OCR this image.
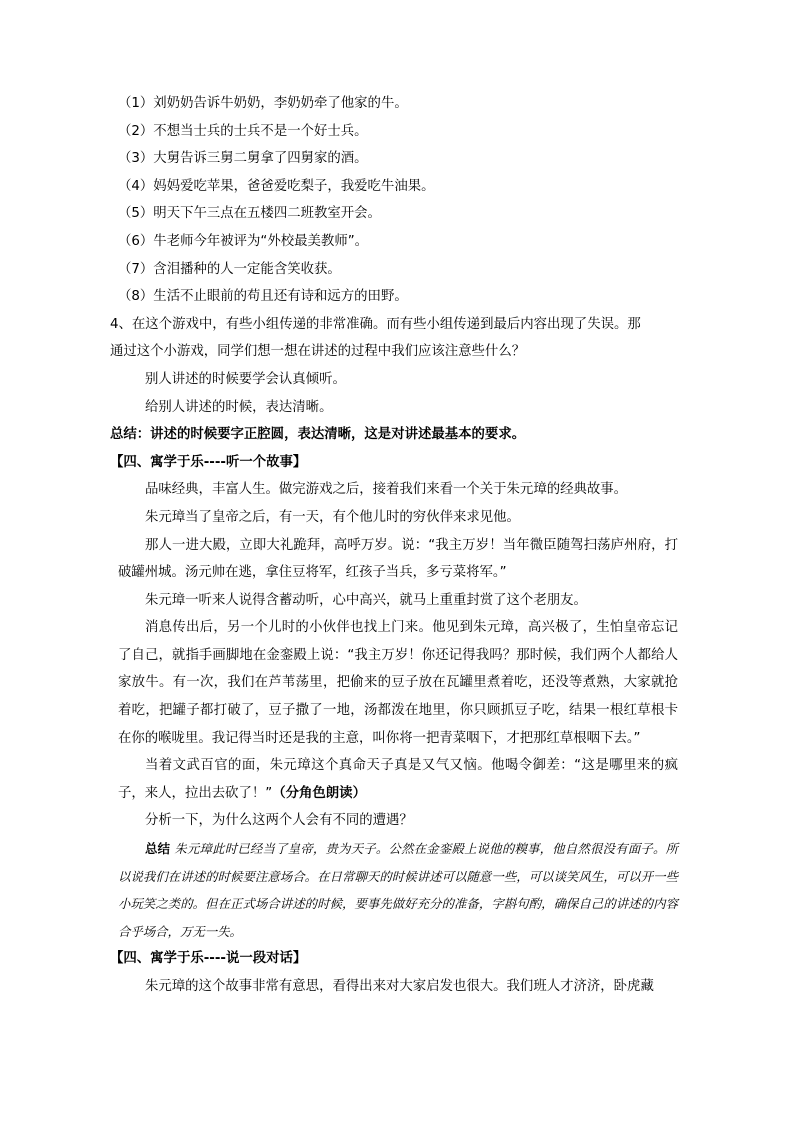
（1）刘奶奶告诉牛奶奶，李奶奶牵了他家的牛。

（2）不想当士兵的士兵不是一个好士兵。

（3）大舅告诉三舅二舅拿了四舅家的酒。

（4）妈妈爱吃苹果，爸爸爱吃梨子，我爱吃牛油果。

（5）明天下午三点在五楼四二班教室开会。

（6）牛老师今年被评为“外校最美教师”。

（7）含泪播种的人一定能含笑收获。

（8）生活不止眼前的苟且还有诗和远方的田野。

4、在这个游戏中，有些小组传递的非常准确。而有些小组传递到最后内容出现了失误。那

通过这个小游戏，同学们想一想在讲述的过程中我们应该注意些什么？

别人讲述的时候要学会认真倾听。

给别人讲述的时候，表达清晰。

总结：讲述的时候要字正腔圆，表达清晰，这是对讲述最基本的要求。

【四、寓学于乐----听一个故事】

品味经典，丰富人生。做完游戏之后，接着我们来看一个关于朱元璋的经典故事。

朱元璋当了皇帝之后，有一天，有个他儿时的穷伙伴来求见他。

那人一进大殿，立即大礼跪拜，高呼万岁。说：“我主万岁！当年微臣随驾扫荡庐州府，打破罐州城。汤元帅在逃，拿住豆将军，红孩子当兵，多亏菜将军。”

朱元璋一听来人说得含蓄动听，心中高兴，就马上重重封赏了这个老朋友。

消息传出后，另一个儿时的小伙伴也找上门来。他见到朱元璋，高兴极了，生怕皇帝忘记了自己，就指手画脚地在金銮殿上说：“我主万岁！你还记得我吗？那时候，我们两个人都给人家放牛。有一次，我们在芦苇荡里，把偷来的豆子放在瓦罐里煮着吃，还没等煮熟，大家就抢着吃，把罐子都打破了，豆子撒了一地，汤都泼在地里，你只顾抓豆子吃，结果一根红草根卡在你的喉咙里。我记得当时还是我的主意，叫你将一把青菜咽下，才把那红草根咽下去。”

当着文武百官的面，朱元璋这个真命天子真是又气又恼。他喝令御差：“这是哪里来的疯子，来人，拉出去砍了！”（分角色朗读）

分析一下，为什么这两个人会有不同的遭遇？

总结 朱元璋此时已经当了皇帝，贵为天子。公然在金銮殿上说他的糗事，他自然很没有面子。所以说我们在讲述的时候要注意场合。在日常聊天的时候讲述可以随意一些，可以谈笑风生，可以开一些小玩笑之类的。但在正式场合讲述的时候，要事先做好充分的准备，字斟句酌，确保自己的讲述的内容合乎场合，万无一失。

【四、寓学于乐----说一段对话】

朱元璋的这个故事非常有意思，看得出来对大家启发也很大。我们班人才济济，卧虎藏
